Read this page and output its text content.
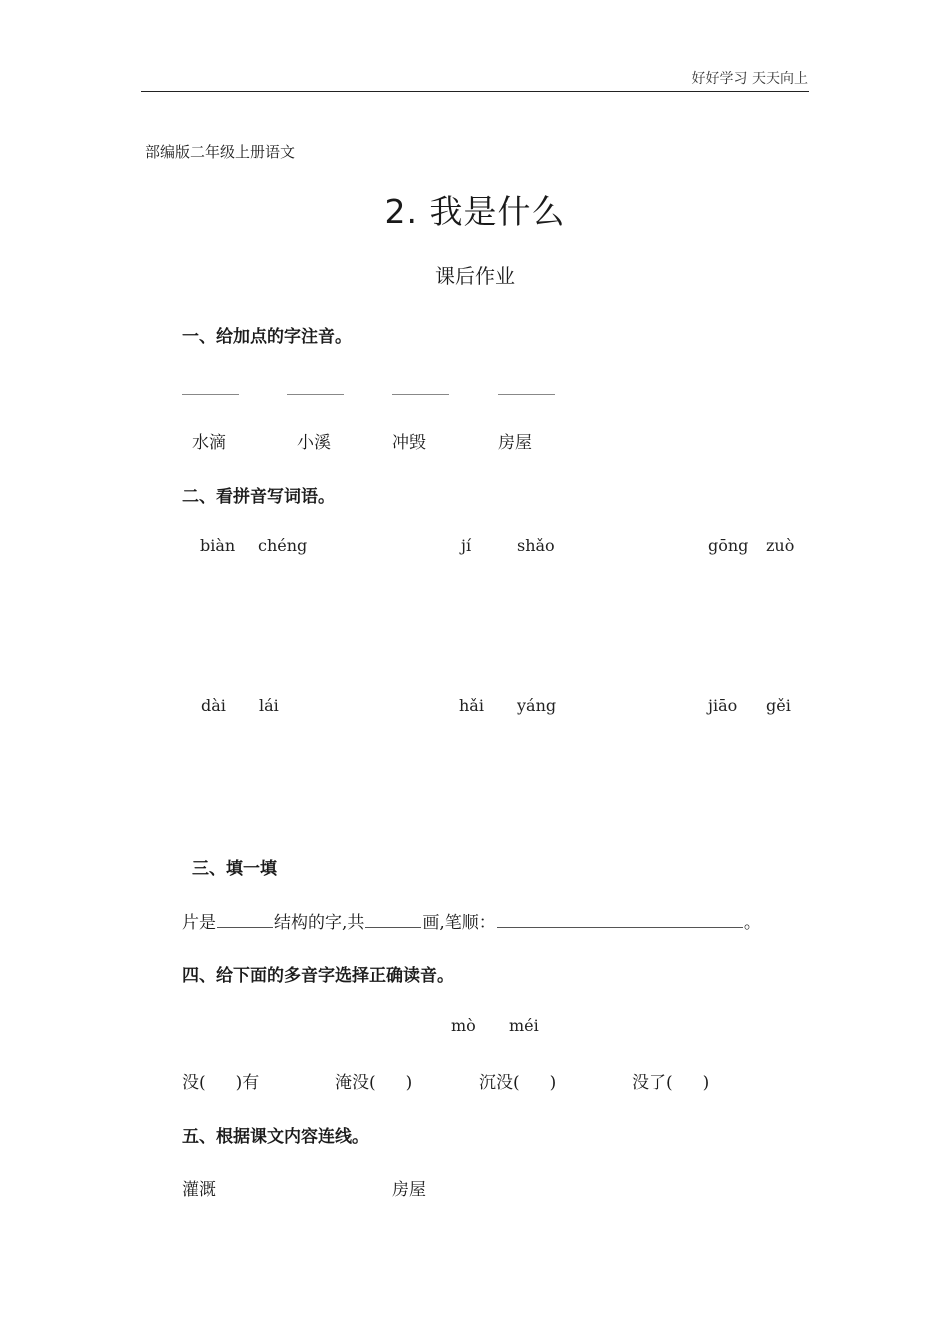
好好学习 天天向上
部编版二年级上册语文
2. 我是什么
课后作业
一、给加点的字注音。
水滴	小溪	冲毁	房屋
二、看拼音写词语。
biàn chéng	jí	shǎo	gōng zuò
dài lái	hǎi yáng	jiāo gěi
三、填一填
片是	结构的字,共	画,笔顺：	。
四、给下面的多音字选择正确读音。
mò méi
没( )有	淹没( )	沉没( )	没了( )
五、根据课文内容连线。
灌溉	房屋
